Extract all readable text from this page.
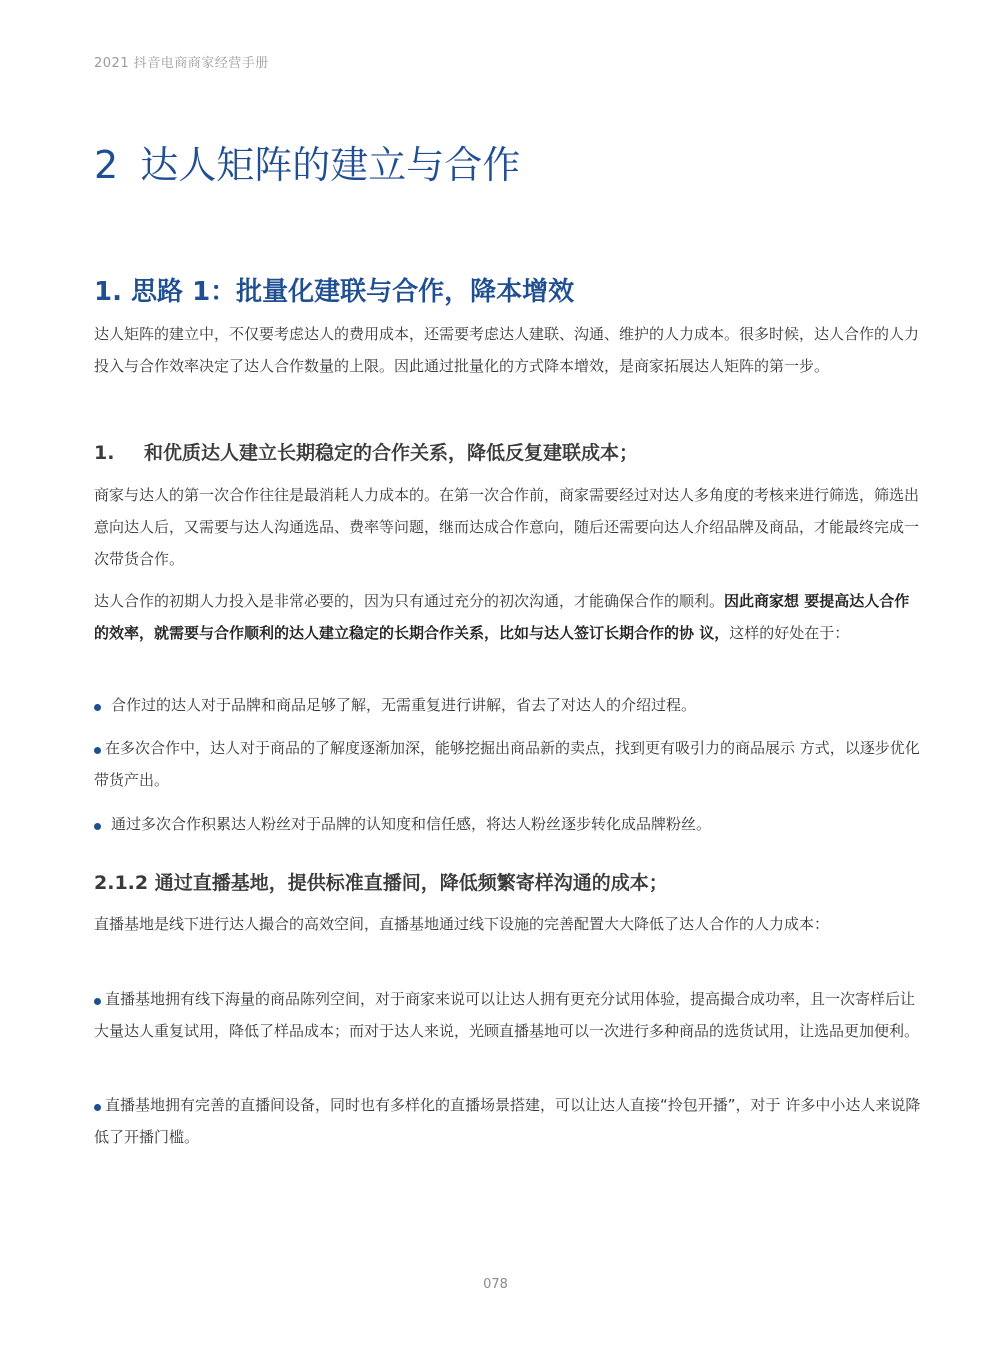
2021 抖音电商商家经营手册
2 达人矩阵的建立与合作
1. 思路 1：批量化建联与合作，降本增效
达人矩阵的建立中，不仅要考虑达人的费用成本，还需要考虑达人建联、沟通、维护的人力成本。很多时候，达人合作的人力投入与合作效率决定了达人合作数量的上限。因此通过批量化的方式降本增效，是商家拓展达人矩阵的第一步。
1. 和优质达人建立长期稳定的合作关系，降低反复建联成本；
商家与达人的第一次合作往往是最消耗人力成本的。在第一次合作前，商家需要经过对达人多角度的考核来进行筛选，筛选出意向达人后，又需要与达人沟通选品、费率等问题，继而达成合作意向，随后还需要向达人介绍品牌及商品，才能最终完成一次带货合作。
达人合作的初期人力投入是非常必要的，因为只有通过充分的初次沟通，才能确保合作的顺利。因此商家想 要提高达人合作的效率，就需要与合作顺利的达人建立稳定的长期合作关系，比如与达人签订长期合作的协 议，这样的好处在于：
合作过的达人对于品牌和商品足够了解，无需重复进行讲解，省去了对达人的介绍过程。
在多次合作中，达人对于商品的了解度逐渐加深，能够挖掘出商品新的卖点，找到更有吸引力的商品展示 方式，以逐步优化带货产出。
通过多次合作积累达人粉丝对于品牌的认知度和信任感，将达人粉丝逐步转化成品牌粉丝。
2.1.2 通过直播基地，提供标准直播间，降低频繁寄样沟通的成本；
直播基地是线下进行达人撮合的高效空间，直播基地通过线下设施的完善配置大大降低了达人合作的人力成本：
直播基地拥有线下海量的商品陈列空间，对于商家来说可以让达人拥有更充分试用体验，提高撮合成功率，且一次寄样后让大量达人重复试用，降低了样品成本；而对于达人来说，光顾直播基地可以一次进行多种商品的选货试用，让选品更加便利。
直播基地拥有完善的直播间设备，同时也有多样化的直播场景搭建，可以让达人直接“拎包开播”，对于 许多中小达人来说降低了开播门槛。
078
